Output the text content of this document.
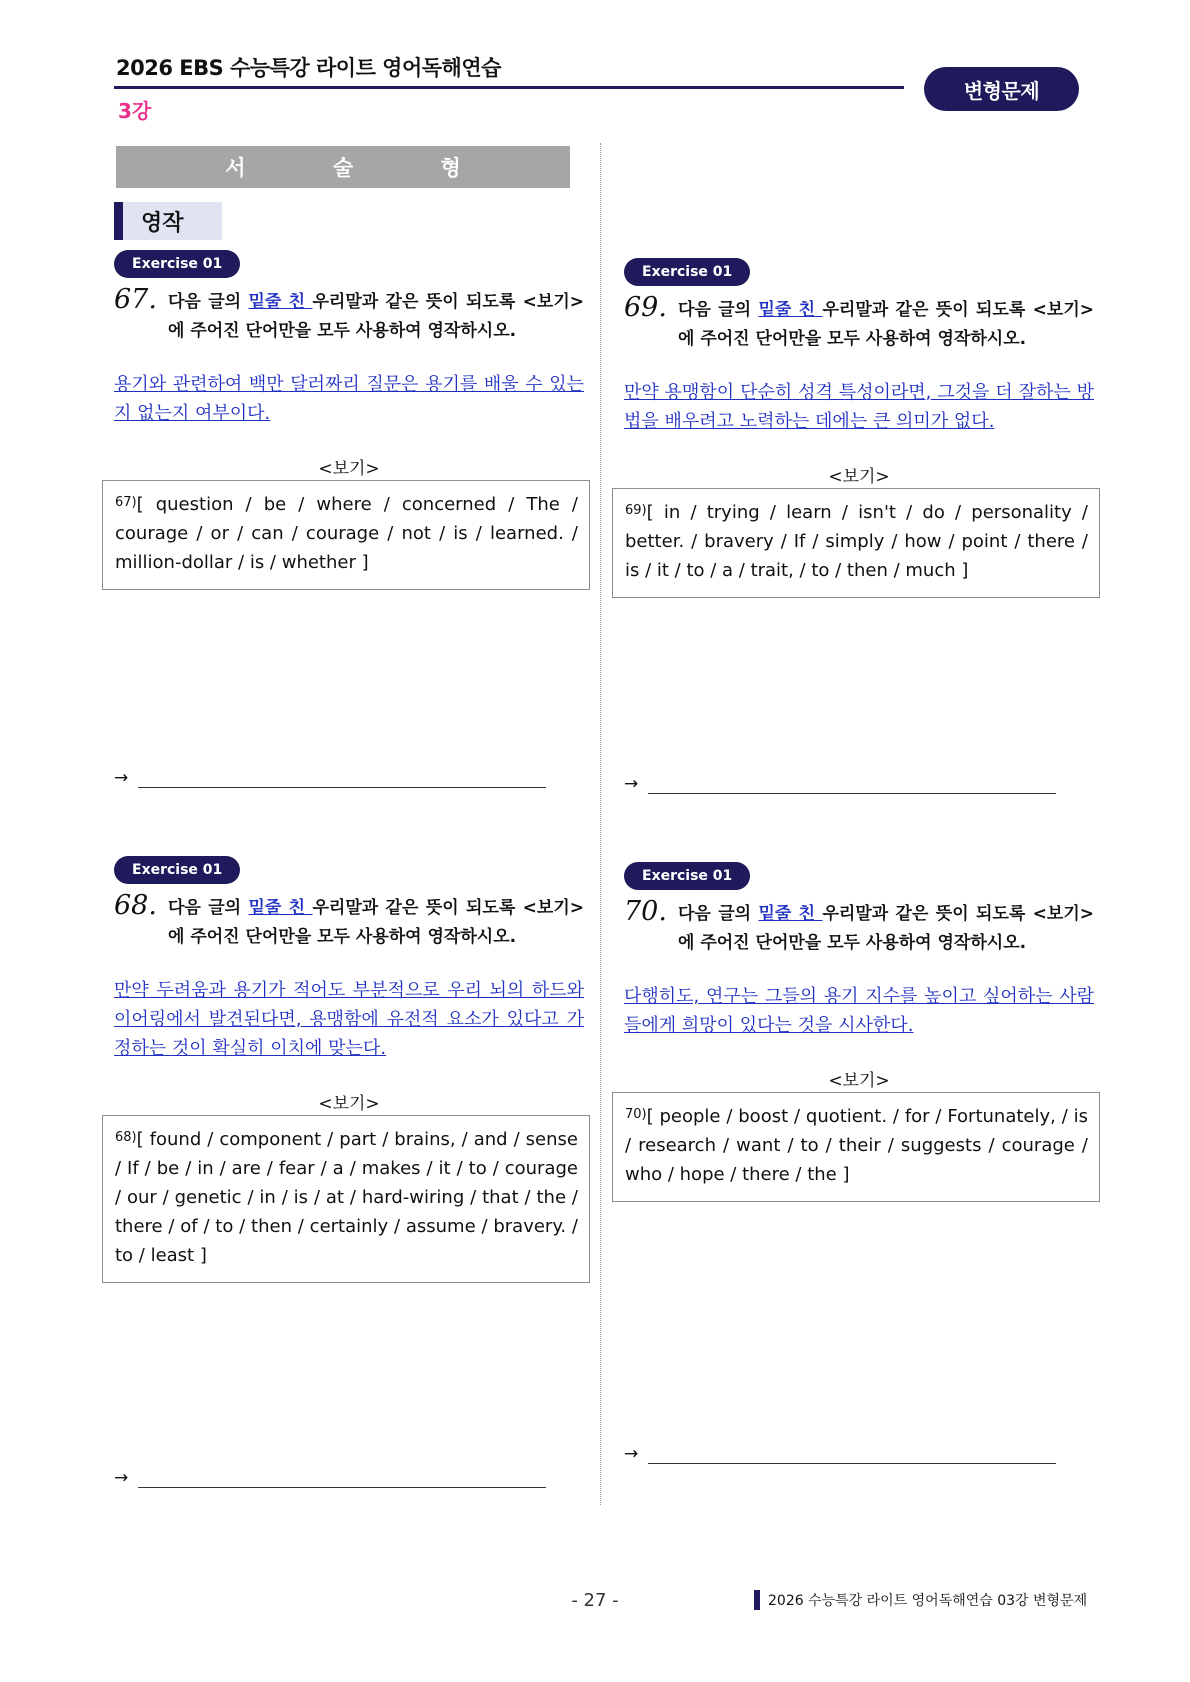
2026 EBS 수능특강 라이트 영어독해연습
3강
변형문제
서 술 형
영작
Exercise 01
67. 다음 글의 밑줄 친 우리말과 같은 뜻이 되도록 <보기>에 주어진 단어만을 모두 사용하여 영작하시오.
용기와 관련하여 백만 달러짜리 질문은 용기를 배울 수 있는지 없는지 여부이다.
<보기>
$^{67)}$[ question / be / where / concerned / The / courage / or / can / courage / not / is / learned. / million-dollar / is / whether ]
→
Exercise 01
68. 다음 글의 밑줄 친 우리말과 같은 뜻이 되도록 <보기>에 주어진 단어만을 모두 사용하여 영작하시오.
만약 두려움과 용기가 적어도 부분적으로 우리 뇌의 하드와이어링에서 발견된다면, 용맹함에 유전적 요소가 있다고 가정하는 것이 확실히 이치에 맞는다.
<보기>
$^{68)}$[ found / component / part / brains, / and / sense / If / be / in / are / fear / a / makes / it / to / courage / our / genetic / in / is / at / hard-wiring / that / the / there / of / to / then / certainly / assume / bravery. / to / least ]
→
Exercise 01
69. 다음 글의 밑줄 친 우리말과 같은 뜻이 되도록 <보기>에 주어진 단어만을 모두 사용하여 영작하시오.
만약 용맹함이 단순히 성격 특성이라면, 그것을 더 잘하는 방법을 배우려고 노력하는 데에는 큰 의미가 없다.
<보기>
$^{69)}$[ in / trying / learn / isn't / do / personality / better. / bravery / If / simply / how / point / there / is / it / to / a / trait, / to / then / much ]
→
Exercise 01
70. 다음 글의 밑줄 친 우리말과 같은 뜻이 되도록 <보기>에 주어진 단어만을 모두 사용하여 영작하시오.
다행히도, 연구는 그들의 용기 지수를 높이고 싶어하는 사람들에게 희망이 있다는 것을 시사한다.
<보기>
$^{70)}$[ people / boost / quotient. / for / Fortunately, / is / research / want / to / their / suggests / courage / who / hope / there / the ]
→
- 27 -	2026 수능특강 라이트 영어독해연습 03강 변형문제
